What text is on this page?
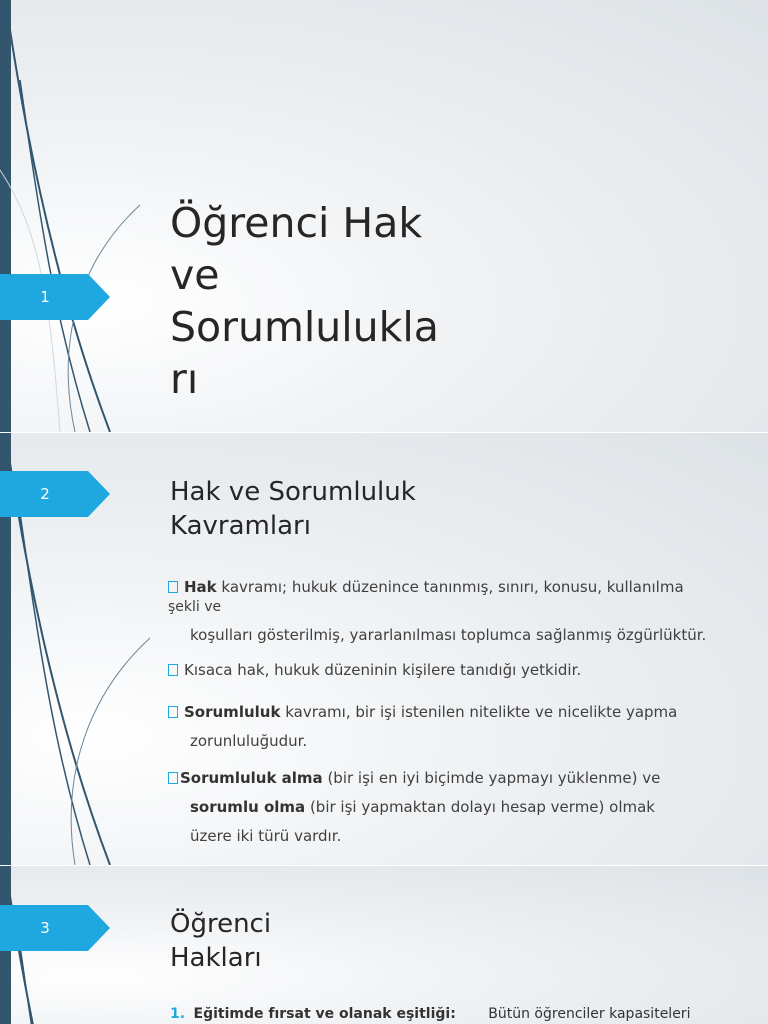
1
Öğrenci Hak
ve
Sorumlulukla
rı
2	Hak ve Sorumluluk
Kavramları
Hak kavramı; hukuk düzenince tanınmış, sınırı, konusu, kullanılma
şekli ve
koşulları gösterilmiş, yararlanılması toplumca sağlanmış özgürlüktür.
Kısaca hak, hukuk düzeninin kişilere tanıdığı yetkidir.
Sorumluluk kavramı, bir işi istenilen nitelikte ve nicelikte yapma
zorunluluğudur.
Sorumluluk alma (bir işi en iyi biçimde yapmayı yüklenme) ve
sorumlu olma (bir işi yapmaktan dolayı hesap verme) olmak
üzere iki türü vardır.
3	Öğrenci
Hakları
1. Eğitimde fırsat ve olanak eşitliği: Bütün öğrenciler kapasiteleri
